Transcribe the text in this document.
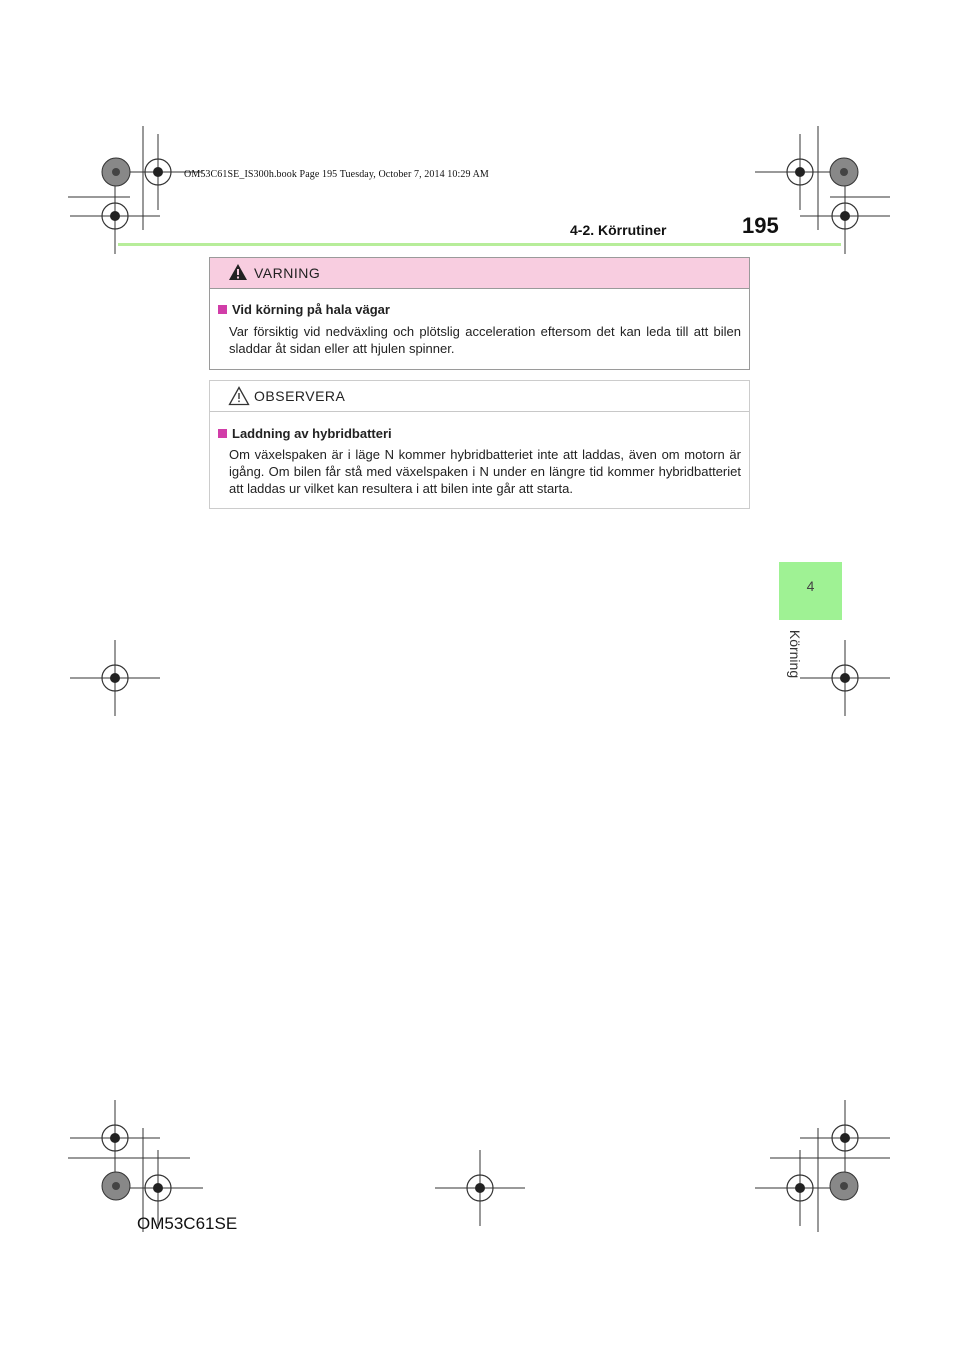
OM53C61SE_IS300h.book Page 195 Tuesday, October 7, 2014 10:29 AM
4-2. Körrutiner	195
4
Körning
VARNING
Vid körning på hala vägar
Var försiktig vid nedväxling och plötslig acceleration eftersom det kan leda till att bilen sladdar åt sidan eller att hjulen spinner.
OBSERVERA
Laddning av hybridbatteri
Om växelspaken är i läge N kommer hybridbatteriet inte att laddas, även om motorn är igång. Om bilen får stå med växelspaken i N under en längre tid kommer hybridbatteriet att laddas ur vilket kan resultera i att bilen inte går att starta.
OM53C61SE
